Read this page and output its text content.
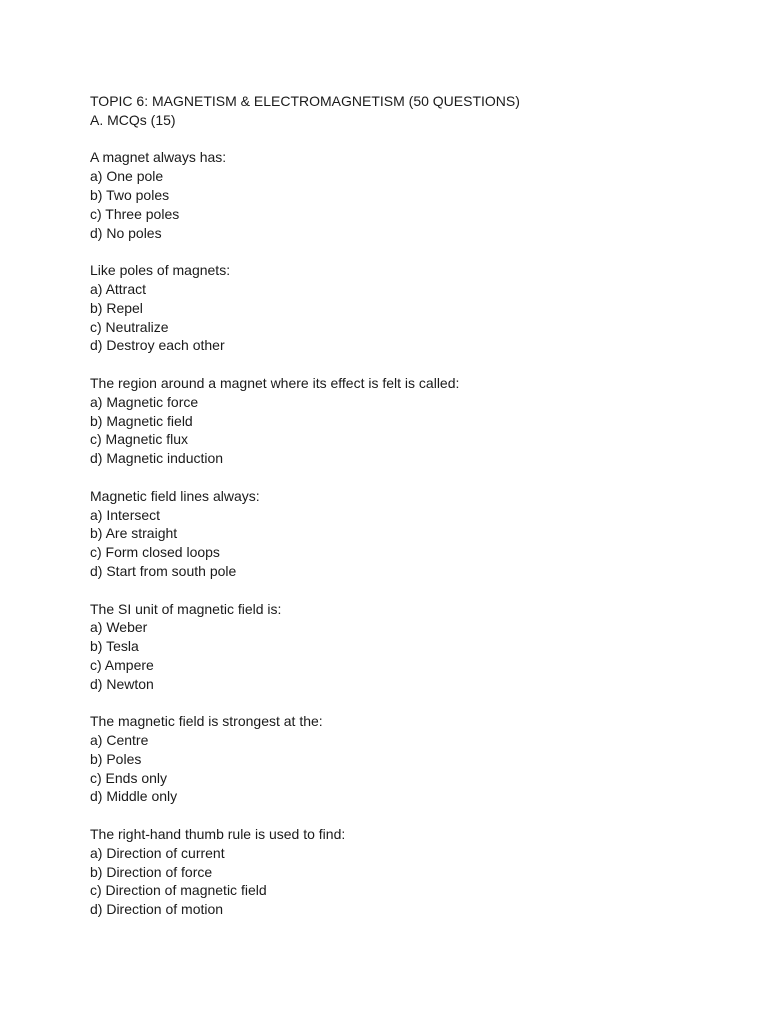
TOPIC 6: MAGNETISM & ELECTROMAGNETISM (50 QUESTIONS)

A. MCQs (15)

A magnet always has:

a) One pole

b) Two poles

c) Three poles

d) No poles

Like poles of magnets:

a) Attract

b) Repel

c) Neutralize

d) Destroy each other

The region around a magnet where its effect is felt is called:

a) Magnetic force

b) Magnetic field

c) Magnetic flux

d) Magnetic induction

Magnetic field lines always:

a) Intersect

b) Are straight

c) Form closed loops

d) Start from south pole

The SI unit of magnetic field is:

a) Weber

b) Tesla

c) Ampere

d) Newton

The magnetic field is strongest at the:

a) Centre

b) Poles

c) Ends only

d) Middle only

The right-hand thumb rule is used to find:

a) Direction of current

b) Direction of force

c) Direction of magnetic field

d) Direction of motion
